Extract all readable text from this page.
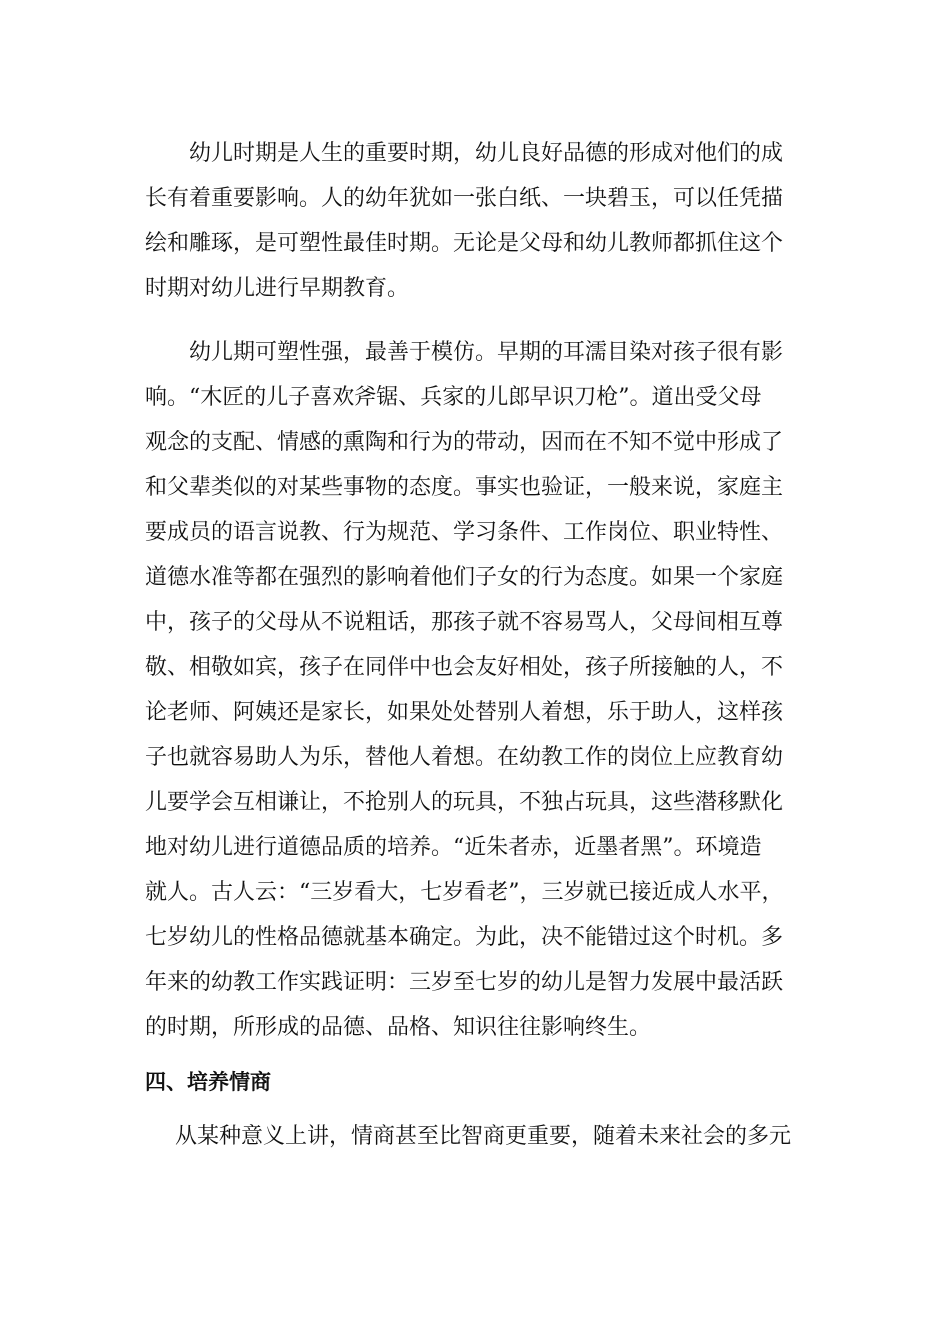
幼儿时期是人生的重要时期，幼儿良好品德的形成对他们的成
长有着重要影响。人的幼年犹如一张白纸、一块碧玉，可以任凭描
绘和雕琢，是可塑性最佳时期。无论是父母和幼儿教师都抓住这个
时期对幼儿进行早期教育。
幼儿期可塑性强，最善于模仿。早期的耳濡目染对孩子很有影
响。“木匠的儿子喜欢斧锯、兵家的儿郎早识刀枪”。道出受父母
观念的支配、情感的熏陶和行为的带动，因而在不知不觉中形成了
和父辈类似的对某些事物的态度。事实也验证，一般来说，家庭主
要成员的语言说教、行为规范、学习条件、工作岗位、职业特性、
道德水准等都在强烈的影响着他们子女的行为态度。如果一个家庭
中，孩子的父母从不说粗话，那孩子就不容易骂人，父母间相互尊
敬、相敬如宾，孩子在同伴中也会友好相处，孩子所接触的人，不
论老师、阿姨还是家长，如果处处替别人着想，乐于助人，这样孩
子也就容易助人为乐，替他人着想。在幼教工作的岗位上应教育幼
儿要学会互相谦让，不抢别人的玩具，不独占玩具，这些潜移默化
地对幼儿进行道德品质的培养。“近朱者赤，近墨者黑”。环境造
就人。古人云：“三岁看大，七岁看老”，三岁就已接近成人水平，
七岁幼儿的性格品德就基本确定。为此，决不能错过这个时机。多
年来的幼教工作实践证明：三岁至七岁的幼儿是智力发展中最活跃
的时期，所形成的品德、品格、知识往往影响终生。
四、培养情商
从某种意义上讲，情商甚至比智商更重要，随着未来社会的多元
